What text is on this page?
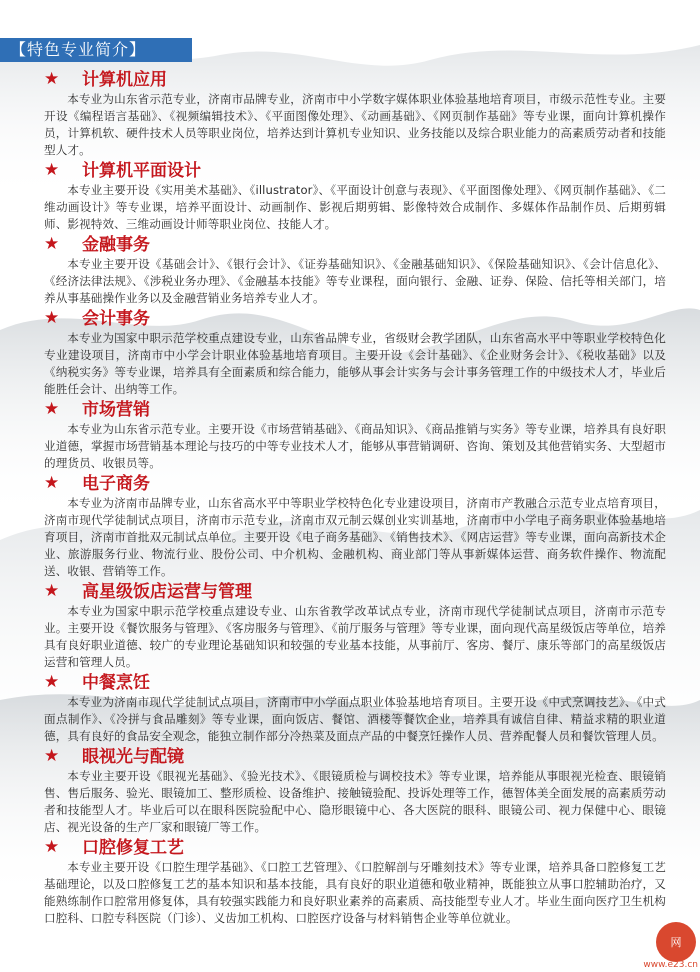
【特色专业简介】
★ 计算机应用
本专业为山东省示范专业，济南市品牌专业，济南市中小学数字媒体职业体验基地培育项目，市级示范性专业。主要开设《编程语言基础》、《视频编辑技术》、《平面图像处理》、《动画基础》、《网页制作基础》等专业课，面向计算机操作员，计算机软、硬件技术人员等职业岗位，培养达到计算机专业知识、业务技能以及综合职业能力的高素质劳动者和技能型人才。
★ 计算机平面设计
本专业主要开设《实用美术基础》、《illustrator》、《平面设计创意与表现》、《平面图像处理》、《网页制作基础》、《二维动画设计》等专业课，培养平面设计、动画制作、影视后期剪辑、影像特效合成制作、多媒体作品制作员、后期剪辑师、影视特效、三维动画设计师等职业岗位、技能人才。
★ 金融事务
本专业主要开设《基础会计》、《银行会计》、《证券基础知识》、《金融基础知识》、《保险基础知识》、《会计信息化》、《经济法律法规》、《涉税业务办理》、《金融基本技能》等专业课程，面向银行、金融、证券、保险、信托等相关部门，培养从事基础操作业务以及金融营销业务培养专业人才。
★ 会计事务
本专业为国家中职示范学校重点建设专业，山东省品牌专业，省级财会教学团队，山东省高水平中等职业学校特色化专业建设项目，济南市中小学会计职业体验基地培育项目。主要开设《会计基础》、《企业财务会计》、《税收基础》以及《纳税实务》等专业课，培养具有全面素质和综合能力，能够从事会计实务与会计事务管理工作的中级技术人才，毕业后能胜任会计、出纳等工作。
★ 市场营销
本专业为山东省示范专业。主要开设《市场营销基础》、《商品知识》、《商品推销与实务》等专业课，培养具有良好职业道德，掌握市场营销基本理论与技巧的中等专业技术人才，能够从事营销调研、咨询、策划及其他营销实务、大型超市的理货员、收银员等。
★ 电子商务
本专业为济南市品牌专业，山东省高水平中等职业学校特色化专业建设项目，济南市产教融合示范专业点培育项目，济南市现代学徒制试点项目，济南市示范专业，济南市双元制云媒创业实训基地，济南市中小学电子商务职业体验基地培育项目，济南市首批双元制试点单位。主要开设《电子商务基础》、《销售技术》、《网店运营》等专业课，面向高新技术企业、旅游服务行业、物流行业、股份公司、中介机构、金融机构、商业部门等从事新媒体运营、商务软件操作、物流配送、收银、营销等工作。
★ 高星级饭店运营与管理
本专业为国家中职示范学校重点建设专业、山东省教学改革试点专业，济南市现代学徒制试点项目，济南市示范专业。主要开设《餐饮服务与管理》、《客房服务与管理》、《前厅服务与管理》等专业课，面向现代高星级饭店等单位，培养具有良好职业道德、较广的专业理论基础知识和较强的专业基本技能，从事前厅、客房、餐厅、康乐等部门的高星级饭店运营和管理人员。
★ 中餐烹饪
本专业为济南市现代学徒制试点项目，济南市中小学面点职业体验基地培育项目。主要开设《中式烹调技艺》、《中式面点制作》、《冷拼与食品雕刻》等专业课，面向饭店、餐馆、酒楼等餐饮企业，培养具有诚信自律、精益求精的职业道德，具有良好的食品安全观念，能独立制作部分冷热菜及面点产品的中餐烹饪操作人员、营养配餐人员和餐饮管理人员。
★ 眼视光与配镜
本专业主要开设《眼视光基础》、《验光技术》、《眼镜质检与调校技术》等专业课，培养能从事眼视光检查、眼镜销售、售后服务、验光、眼镜加工、整形质检、设备维护、接触镜验配、投诉处理等工作，德智体美全面发展的高素质劳动者和技能型人才。毕业后可以在眼科医院验配中心、隐形眼镜中心、各大医院的眼科、眼镜公司、视力保健中心、眼镜店、视光设备的生产厂家和眼镜厂等工作。
★ 口腔修复工艺
本专业主要开设《口腔生理学基础》、《口腔工艺管理》、《口腔解剖与牙雕刻技术》等专业课，培养具备口腔修复工艺基础理论，以及口腔修复工艺的基本知识和基本技能，具有良好的职业道德和敬业精神，既能独立从事口腔辅助治疗，又能熟练制作口腔常用修复体，具有较强实践能力和良好职业素养的高素质、高技能型专业人才。毕业生面向医疗卫生机构口腔科、口腔专科医院（门诊）、义齿加工机构、口腔医疗设备与材料销售企业等单位就业。
网
www.e23.cn
